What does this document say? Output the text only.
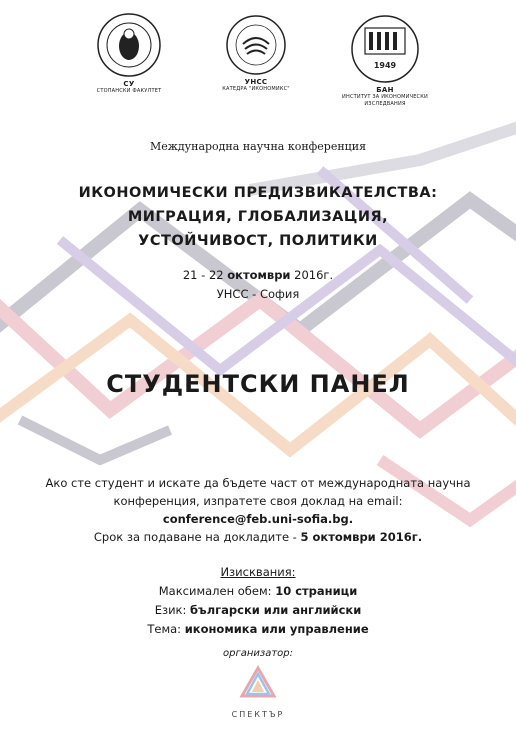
СУ
СТОПАНСКИ ФАКУЛТЕТ
УНСС
КАТЕДРА "ИКОНОМИКС"
1949
БАН
ИНСТИТУТ ЗА ИКОНОМИЧЕСКИ
ИЗСЛЕДВАНИЯ
Международна научна конференция
ИКОНОМИЧЕСКИ ПРЕДИЗВИКАТЕЛСТВА:
МИГРАЦИЯ, ГЛОБАЛИЗАЦИЯ,
УСТОЙЧИВОСТ, ПОЛИТИКИ
21 - 22 октомври 2016г.
УНСС - София
СТУДЕНТСКИ ПАНЕЛ
Ако сте студент и искате да бъдете част от международната научна
конференция, изпратете своя доклад на email:
conference@feb.uni-sofia.bg.
Срок за подаване на докладите - 5 октомври 2016г.
Изисквания:
Максимален обем: 10 страници
Език: български или английски
Тема: икономика или управление
организатор:
СПЕКТЪР
